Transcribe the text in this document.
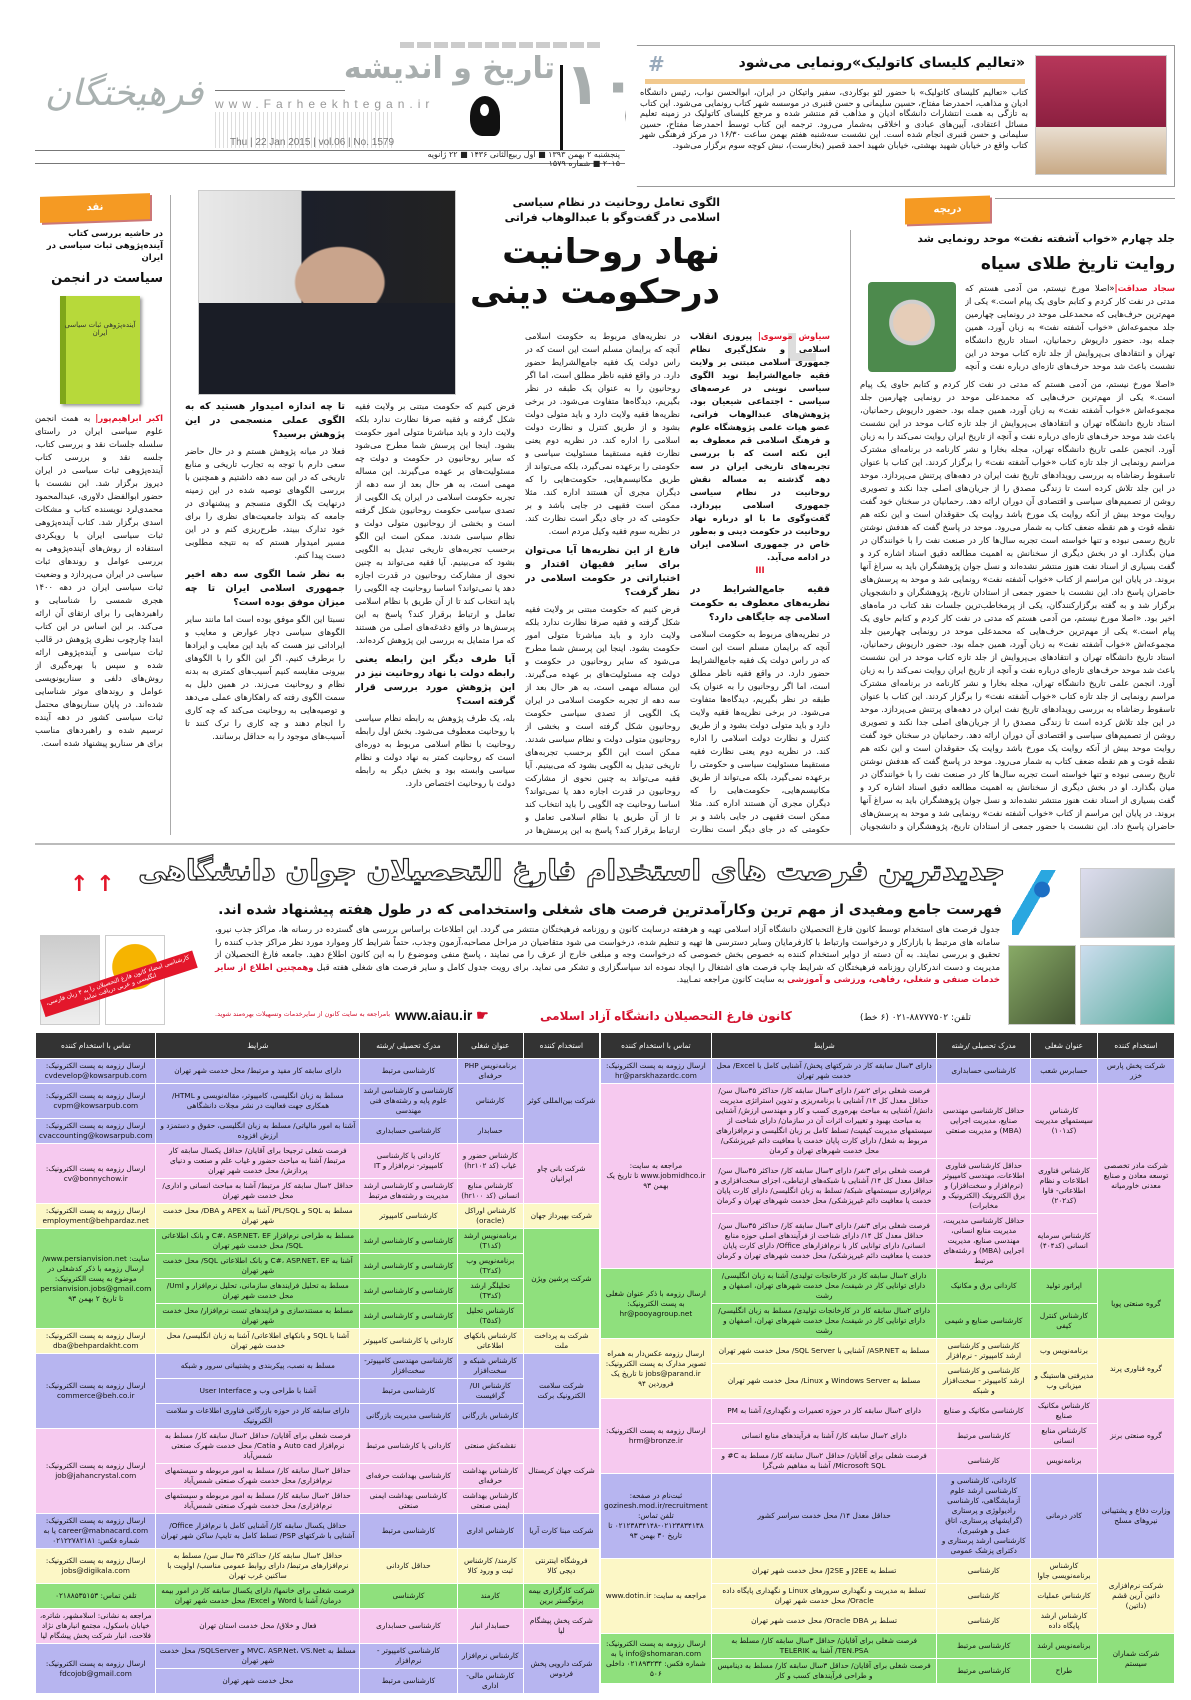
فرهیختگان www.Farheekhtegan.ir
Thu | 22 Jan 2015 | vol.06 | No. 1579
تاریخ و اندیشه ۱۰
پنجشنبه ۲ بهمن ۱۳۹۳ ■ اول ربیع‌الثانی ۱۴۳۶ ■ ۲۲ ژانویه ۲۰۱۵ ■ شماره ۱۵۷۹
#	«تعالیم کلیسای کاتولیک»رونمایی می‌شود
کتاب «تعالیم کلیسای کاتولیک» با حضور لئو بوکاردی، سفیر واتیکان در ایران، ابوالحسن نواب، رئیس دانشگاه ادیان و مذاهب، احمدرضا مفتاح، حسین سلیمانی و حسن قنبری در موسسه شهر کتاب رونمایی می‌شود. این کتاب به تازگی به همت انتشارات دانشگاه ادیان و مذاهب قم منتشر شده و مرجع کلیسای کاتولیک در زمینه تعلیم مسائل اعتقادی، آیین‌های عبادی و اخلاقی به‌شمار می‌رود. ترجمه این کتاب توسط احمدرضا مفتاح، حسین سلیمانی و حسن قنبری انجام شده است. این نشست سه‌شنبه هفتم بهمن ساعت ۱۶/۳۰ در مرکز فرهنگی شهر کتاب واقع در خیابان شهید بهشتی، خیابان شهید احمد قصیر (بخارست)، نبش کوچه سوم برگزار می‌شود.
نقد
در حاشیه بررسی کتاب آینده‌پژوهی ثبات سیاسی در ایران
سیاست در انجمن
آینده‌پژوهی ثبات سیاسی ایران
اکبر ابراهیم‌پور| به همت انجمن علوم سیاسی ایران در راستای سلسله جلسات نقد و بررسی کتاب، جلسه نقد و بررسی کتاب آینده‌پژوهی ثبات سیاسی در ایران دیروز برگزار شد. این نشست با حضور ابوالفضل دلاوری، عبدالمحمود محمدی‌لرد نویسنده کتاب و مشکات اسدی برگزار شد. کتاب آینده‌پژوهی ثبات سیاسی ایران با رویکردی استفاده از روش‌های آینده‌پژوهی به بررسی عوامل و روندهای ثبات سیاسی در ایران می‌پردازد و وضعیت ثبات سیاسی ایران در دهه ۱۴۰۰ هجری شمسی را شناسایی و راهبردهایی را برای ارتقای آن ارائه می‌کند. بر این اساس در این کتاب ابتدا چارچوب نظری پژوهش در قالب ثبات سیاسی و آینده‌پژوهی ارائه شده و سپس با بهره‌گیری از روش‌های دلفی و سناریونویسی عوامل و روندهای موثر شناسایی شده‌اند. در پایان سناریوهای محتمل ثبات سیاسی کشور در دهه آینده ترسیم شده و راهبردهای مناسب برای هر سناریو پیشنهاد شده است.
الگوی تعامل روحانیت در نظام سیاسی اسلامی در گفت‌وگو با عبدالوهاب فراتی
نهاد روحانیت
درحکومت دینی
سیاوش موسوی| پیروزی انقلاب اسلامی و شکل‌گیری نظام جمهوری اسلامی مبتنی بر ولایت فقیه جامع‌الشرایط نوید الگوی سیاسی نوینی در عرصه‌های سیاسی - اجتماعی شیعیان بود. پژوهش‌های عبدالوهاب فراتی، عضو هیات علمی پژوهشگاه علوم و فرهنگ اسلامی قم معطوف به این نکته است که با بررسی تجربه‌های تاریخی ایران در سه دهه گذشته به مساله نقش روحانیت در نظام سیاسی جمهوری اسلامی بپردازد. گفت‌وگوی ما با او درباره نهاد روحانیت در حکومت دینی و به‌طور خاص در جمهوری اسلامی ایران در ادامه می‌آید.
III
فقیه جامع‌الشرایط در نظریه‌های معطوف به حکومت اسلامی چه جایگاهی دارد؟
در نظریه‌های مربوط به حکومت اسلامی آنچه که برایمان مسلم است این است که در راس دولت یک فقیه جامع‌الشرایط حضور دارد. در واقع فقیه ناظر مطلق است، اما اگر روحانیون را به عنوان یک طبقه در نظر بگیریم، دیدگاه‌ها متفاوت می‌شود. در برخی نظریه‌ها فقیه ولایت دارد و باید متولی دولت بشود و از طریق کنترل و نظارت دولت اسلامی را اداره کند. در نظریه دوم یعنی نظارت فقیه مستقیما مسئولیت سیاسی و حکومتی را برعهده نمی‌گیرد، بلکه می‌تواند از طریق مکانیسم‌هایی، حکومت‌هایی را که دیگران مجری آن هستند اداره کند. مثلا ممکن است فقیهی در جایی باشد و بر حکومتی که در جای دیگر است نظارت
در نظریه‌های مربوط به حکومت اسلامی آنچه که برایمان مسلم است این است که در راس دولت یک فقیه جامع‌الشرایط حضور دارد. در واقع فقیه ناظر مطلق است، اما اگر روحانیون را به عنوان یک طبقه در نظر بگیریم، دیدگاه‌ها متفاوت می‌شود. در برخی نظریه‌ها فقیه ولایت دارد و باید متولی دولت بشود و از طریق کنترل و نظارت دولت اسلامی را اداره کند. در نظریه دوم یعنی نظارت فقیه مستقیما مسئولیت سیاسی و حکومتی را برعهده نمی‌گیرد، بلکه می‌تواند از طریق مکانیسم‌هایی، حکومت‌هایی را که دیگران مجری آن هستند اداره کند. مثلا ممکن است فقیهی در جایی باشد و بر حکومتی که در جای دیگر است نظارت کند. در نظریه سوم فقیه وکیل مردم است.
فارغ از این نظریه‌ها آیا می‌توان برای سایر فقیهان اقتدار و اختیاراتی در حکومت اسلامی در نظر گرفت؟
فرض کنیم که حکومت مبتنی بر ولایت فقیه شکل گرفته و فقیه صرفا نظارت ندارد بلکه ولایت دارد و باید مباشرتا متولی امور حکومت بشود. اینجا این پرسش شما مطرح می‌شود که سایر روحانیون در حکومت و دولت چه مسئولیت‌های بر عهده می‌گیرند. این مساله مهمی است، به هر حال بعد از سه دهه از تجربه حکومت اسلامی در ایران یک الگویی از تصدی سیاسی حکومت روحانیون شکل گرفته است و بخشی از روحانیون متولی دولت و نظام سیاسی شدند. ممکن است این الگو برحسب تجربه‌های تاریخی تبدیل به الگویی بشود که می‌بینیم. آیا فقیه می‌تواند به چنین نحوی از مشارکت روحانیون در قدرت اجازه دهد یا نمی‌تواند؟ اساسا روحانیت چه الگویی را باید انتخاب کند تا از آن طریق با نظام اسلامی تعامل و ارتباط برقرار کند؟ پاسخ به این پرسش‌ها در
فرض کنیم که حکومت مبتنی بر ولایت فقیه شکل گرفته و فقیه صرفا نظارت ندارد بلکه ولایت دارد و باید مباشرتا متولی امور حکومت بشود. اینجا این پرسش شما مطرح می‌شود که سایر روحانیون در حکومت و دولت چه مسئولیت‌های بر عهده می‌گیرند. این مساله مهمی است، به هر حال بعد از سه دهه از تجربه حکومت اسلامی در ایران یک الگویی از تصدی سیاسی حکومت روحانیون شکل گرفته است و بخشی از روحانیون متولی دولت و نظام سیاسی شدند. ممکن است این الگو برحسب تجربه‌های تاریخی تبدیل به الگویی بشود که می‌بینیم. آیا فقیه می‌تواند به چنین نحوی از مشارکت روحانیون در قدرت اجازه دهد یا نمی‌تواند؟ اساسا روحانیت چه الگویی را باید انتخاب کند تا از آن طریق با نظام اسلامی تعامل و ارتباط برقرار کند؟ پاسخ به این پرسش‌ها در واقع دغدغه‌های اصلی من هستند که مرا متمایل به بررسی این پژوهش کرده‌اند.
آیا طرف دیگر این رابطه یعنی رابطه دولت با نهاد روحانیت نیز در این پژوهش مورد بررسی قرار گرفته است؟
بله، یک طرف پژوهش به رابطه نظام سیاسی با روحانیت معطوف می‌شود. بخش اول رابطه روحانیت با نظام اسلامی مربوط به دوره‌ای است که روحانیت کمتر به نهاد دولت و نظام سیاسی وابسته بود و بخش دیگر به رابطه دولت با روحانیت اختصاص دارد.
تا چه اندازه امیدوار هستید که به الگوی عملی منسجمی در این پژوهش برسید؟
فعلا در میانه پژوهش هستم و در حال حاضر سعی دارم با توجه به تجارب تاریخی و منابع تاریخی که در این سه دهه داشتیم و همچنین با بررسی الگوهای توصیه شده در این زمینه درنهایت یک الگوی منسجم و پیشنهادی در جامعه که بتواند جامعیت‌های نظری را برای خود تدارک ببیند، طرح‌ریزی کنم و در این مسیر امیدوار هستم که به نتیجه مطلوبی دست پیدا کنم.
به نظر شما الگوی سه دهه اخیر جمهوری اسلامی ایران تا چه میزان موفق بوده است؟
نسبتا این الگو موفق بوده است اما مانند سایر الگوهای سیاسی دچار عوارض و معایب و ایراداتی نیز هست که باید این معایب و ایرادها را برطرف کنیم. اگر این الگو را با الگوهای بیرونی مقایسه کنیم آسیب‌های کمتری به بدنه نظام و روحانیت می‌زند. در همین دلیل به سمت الگوی رفته که راهکارهای عملی می‌دهد و توصیه‌هایی به روحانیت می‌کند که چه کاری را انجام دهند و چه کاری را ترک کنند تا آسیب‌های موجود را به حداقل برسانند.
دریچه
جلد چهارم «خواب آشفته نفت» موحد رونمایی شد
روایت تاریخ طلای سیاه
سجاد صداقت|«اصلا مورخ نیستم، من آدمی هستم که مدتی در نفت کار کردم و کتابم حاوی یک پیام است.» یکی از مهم‌ترین حرف‌هایی که محمدعلی موحد در رونمایی چهارمین جلد مجموعه‌اش «خواب آشفته نفت» به زبان آورد، همین جمله بود. حضور داریوش رحمانیان، استاد تاریخ دانشگاه تهران و انتقادهای بی‌پروایش از جلد تازه کتاب موحد در این نشست باعث شد موحد حرف‌های تازه‌ای درباره نفت و آنچه
«اصلا مورخ نیستم، من آدمی هستم که مدتی در نفت کار کردم و کتابم حاوی یک پیام است.» یکی از مهم‌ترین حرف‌هایی که محمدعلی موحد در رونمایی چهارمین جلد مجموعه‌اش «خواب آشفته نفت» به زبان آورد، همین جمله بود. حضور داریوش رحمانیان، استاد تاریخ دانشگاه تهران و انتقادهای بی‌پروایش از جلد تازه کتاب موحد در این نشست باعث شد موحد حرف‌های تازه‌ای درباره نفت و آنچه از تاریخ ایران روایت نمی‌کند را به زبان آورد. انجمن علمی تاریخ دانشگاه تهران، مجله بخارا و نشر کارنامه در برنامه‌ای مشترک مراسم رونمایی از جلد تازه کتاب «خواب آشفته نفت» را برگزار کردند. این کتاب با عنوان تاسقوط رضاشاه به بررسی رویدادهای تاریخ نفت ایران در دهه‌های پرتنش می‌پردازد. موحد در این جلد تلاش کرده است تا زندگی مصدق را از جریان‌های اصلی جدا نکند و تصویری روشن از تصمیم‌های سیاسی و اقتصادی آن دوران ارائه دهد. رحمانیان در سخنان خود گفت روایت موحد بیش از آنکه روایت یک مورخ باشد روایت یک حقوقدان است و این نکته هم نقطه قوت و هم نقطه ضعف کتاب به شمار می‌رود. موحد در پاسخ گفت که هدفش نوشتن تاریخ رسمی نبوده و تنها خواسته است تجربه سال‌ها کار در صنعت نفت را با خوانندگان در میان بگذارد. او در بخش دیگری از سخنانش به اهمیت مطالعه دقیق اسناد اشاره کرد و گفت بسیاری از اسناد نفت هنوز منتشر نشده‌اند و نسل جوان پژوهشگران باید به سراغ آنها بروند. در پایان این مراسم از کتاب «خواب آشفته نفت» رونمایی شد و موحد به پرسش‌های حاضران پاسخ داد. این نشست با حضور جمعی از استادان تاریخ، پژوهشگران و دانشجویان برگزار شد و به گفته برگزارکنندگان، یکی از پرمخاطب‌ترین جلسات نقد کتاب در ماه‌های اخیر بود. «اصلا مورخ نیستم، من آدمی هستم که مدتی در نفت کار کردم و کتابم حاوی یک پیام است.» یکی از مهم‌ترین حرف‌هایی که محمدعلی موحد در رونمایی چهارمین جلد مجموعه‌اش «خواب آشفته نفت» به زبان آورد، همین جمله بود. حضور داریوش رحمانیان، استاد تاریخ دانشگاه تهران و انتقادهای بی‌پروایش از جلد تازه کتاب موحد در این نشست باعث شد موحد حرف‌های تازه‌ای درباره نفت و آنچه از تاریخ ایران روایت نمی‌کند را به زبان آورد. انجمن علمی تاریخ دانشگاه تهران، مجله بخارا و نشر کارنامه در برنامه‌ای مشترک مراسم رونمایی از جلد تازه کتاب «خواب آشفته نفت» را برگزار کردند. این کتاب با عنوان تاسقوط رضاشاه به بررسی رویدادهای تاریخ نفت ایران در دهه‌های پرتنش می‌پردازد. موحد در این جلد تلاش کرده است تا زندگی مصدق را از جریان‌های اصلی جدا نکند و تصویری روشن از تصمیم‌های سیاسی و اقتصادی آن دوران ارائه دهد. رحمانیان در سخنان خود گفت روایت موحد بیش از آنکه روایت یک مورخ باشد روایت یک حقوقدان است و این نکته هم نقطه قوت و هم نقطه ضعف کتاب به شمار می‌رود. موحد در پاسخ گفت که هدفش نوشتن تاریخ رسمی نبوده و تنها خواسته است تجربه سال‌ها کار در صنعت نفت را با خوانندگان در میان بگذارد. او در بخش دیگری از سخنانش به اهمیت مطالعه دقیق اسناد اشاره کرد و گفت بسیاری از اسناد نفت هنوز منتشر نشده‌اند و نسل جوان پژوهشگران باید به سراغ آنها بروند. در پایان این مراسم از کتاب «خواب آشفته نفت» رونمایی شد و موحد به پرسش‌های حاضران پاسخ داد. این نشست با حضور جمعی از استادان تاریخ، پژوهشگران و دانشجویان
کارشناسی امضاء کانون فارغ التحصیلان را به ۳ زبان فارسی، انگلیسی و عربی دریافت نمایید
↑ ↑ جدیدترین فرصت های استخدام فارغ التحصیلان جوان دانشگاهی
فهرست جامع ومفیدی از مهم ترین وکارآمدترین فرصت های شغلی واستخدامی که در طول هفته پیشنهاد شده اند.
جدول فرصت های استخدام توسط کانون فارغ التحصیلان دانشگاه آزاد اسلامی تهیه و هرهفته درسایت کانون و روزنامه فرهیختگان منتشر می گردد. این اطلاعات براساس بررسی های گسترده در رسانه ها، مراکز جذب نیرو، سامانه های مرتبط با بازارکار و درخواست وارتباط با کارفرمایان وسایر دسترسی ها تهیه و تنظیم شده، درخواست می شود متقاضیان در مراحل مصاحبه،آزمون وجذب، حتماً شرایط کار وموارد مورد نظر مراکز جذب کننده را تحقیق و بررسی نمایند. به آن دسته از دوایر استخدام کننده به خصوص بخش خصوصی که درخواست وجه و مبلغی خارج از عرف را می نمایند ، پاسخ منفی وموضوع را به این کانون اطلاع دهید. جامعه فارغ التحصیلان از مدیریت و دست اندرکاران روزنامه فرهیختگان که شرایط چاپ فرصت های اشتغال را ایجاد نموده اند سپاسگزاری و تشکر می نماید. برای رویت جدول کامل و سایر فرصت های شغلی هفته قبل وهمچنین اطلاع از سایر خدمات صنفی و شغلی، رفاهی، ورزشی و آموزشی به سایت کانون مراجعه نمـایید.
تلفن: ۸۸۷۷۷۵۰۲-۰۲۱ (۶ خط)
کانون فارغ التحصیلان دانشگاه آزاد اسلامی
www.aiau.ir ☛
بامراجعه به سایت کانون از سایرخدمات وتسهیلات بهره‌مند شوید.
استخدام کننده	عنوان شغلی	مدرک تحصیلی /رشته	شرایط	تماس با استخدام کننده
شرکت پخش پارس خزر	حسابرس شعب	کارشناسی حسابداری	دارای ۳سال سابقه کار در شرکتهای پخش/ آشنایی کامل با Excel/ محل خدمت شهر تهران	ارسال رزومه به پست الکترونیک: hr@parskhazardc.com
شرکت مادر تخصصی توسعه معادن و صنایع معدنی خاورمیانه	کارشناس سیستمهای مدیریت (کد۱۰۱)	حداقل کارشناسی مهندسی صنایع، مدیریت اجرایی (MBA) و مدیریت صنعتی	فرصت شغلی برای ۲نفر/ دارای ۳سال سابقه کار/ حداکثر ۳۵سال سن/ حداقل معدل کل ۱۴/ آشنایی با برنامه‌ریزی و تدوین استراتژی مدیریت دانش/ آشنایی به مباحث بهره‌وری کسب و کار و مهندسی ارزش/ آشنایی به مباحث بهبود و تغییرات اثرات آن در سازمان/ دارای شناخت از سیستمهای مدیریت کیفیت/ تسلط کامل بر زبان انگلیسی و نرم‌افزارهای مربوط به شغل/ دارای کارت پایان خدمت یا معافیت دائم غیرپزشکی/ محل خدمت شهرهای تهران و کرمان	مراجعه به سایت: www.jobmidhco.ir تا تاریخ یک بهمن ۹۳
	کارشناس فناوری اطلاعات و نظام اطلاعاتی- فاوا (کد۲۰۲)	حداقل کارشناسی فناوری اطلاعات، مهندسی کامپیوتر (نرم‌افزار و سخت‌افزار) و برق الکترونیک (الکترونیک و مخابرات)	فرصت شغلی برای ۳نفر/ دارای ۳سال سابقه کار/ حداکثر ۳۵سال سن/ حداقل معدل کل ۱۴/ آشنایی با شبکه‌های ارتباطی، اجزای سخت‌افزاری و نرم‌افزاری سیستمهای شبکه/ تسلط به زبان انگلیسی/ دارای کارت پایان خدمت یا معافیت دائم غیرپزشکی/ محل خدمت شهرهای تهران و کرمان	
	کارشناس سرمایه انسانی (کد۴۰۴)	حداقل کارشناسی مدیریت، مدیریت منابع انسانی، مهندسی صنایع، مدیریت اجرایی (MBA) و رشته‌های مرتبط	فرصت شغلی برای ۳نفر/ دارای ۳سال سابقه کار/ حداکثر ۳۵سال سن/ حداقل معدل کل ۱۴/ دارای شناخت از فرآیندهای اصلی حوزه منابع انسانی/ دارای توانایی کار با نرم‌افزارهای Office/ دارای کارت پایان خدمت یا معافیت دائم غیرپزشکی/ محل خدمت شهرهای تهران و کرمان	
گروه صنعتی پویا	اپراتور تولید	کاردانی برق و مکانیک	دارای ۲سال سابقه کار در کارخانجات تولیدی/ آشنا به زبان انگلیسی/ دارای توانایی کار در شیفت/ محل خدمت شهرهای تهران، اصفهان و رشت	ارسال رزومه با ذکر عنوان شغلی به پست الکترونیک: hr@pooyagroup.net
	کارشناس کنترل کیفی	کارشناسی صنایع و شیمی	دارای ۲سال سابقه کار در کارخانجات تولیدی/ مسلط به زبان انگلیسی/ دارای توانایی کار در شیفت/ محل خدمت شهرهای تهران، اصفهان و رشت	
گروه فناوری پرند	برنامه‌نویس وب	کارشناسی و کارشناسی ارشد کامپیوتر - نرم‌افزار	مسلط به ASP.NET/ آشنایی با SQL Server/ محل خدمت شهر تهران	ارسال رزومه عکس‌دار به همراه تصویر مدارک به پست الکترونیک: jobs@parand.ir تا تاریخ یک فروردین ۹۴
	مدیرفنی هاستینگ و میزبانی وب	کارشناسی و کارشناسی ارشد کامپیوتر - سخت‌افزار و شبکه	مسلط به Windows Server و Linux/ محل خدمت شهر تهران	
گروه صنعتی برنز	کارشناس مکانیک صنایع	کارشناسی مکانیک و صنایع	دارای ۲سال سابقه کار در حوزه تعمیرات و نگهداری/ آشنا به PM	ارسال رزومه به پست الکترونیک: hrm@bronze.ir
	کارشناس منابع انسانی	کارشناسی مرتبط	دارای ۲سال سابقه کار/ آشنا به فرآیندهای منابع انسانی	
	برنامه‌نویس	کارشناسی	فرصت شغلی برای آقایان/ حداقل ۲سال سابقه کار/ مسلط به C# و Microsoft SQL/ آشنا به مفاهیم شی‌گرا	
وزارت دفاع و پشتیبانی نیروهای مسلح	کادر درمانی	کاردانی، کارشناسی و کارشناسی ارشد علوم آزمایشگاهی، کارشناسی رادیولوژی و پرستاری (گرایشهای پرستاری، اتاق عمل و هوشبری)، کارشناسی ارشد پرستاری و دکترای پزشک عمومی	حداقل معدل ۱۴/ محل خدمت سراسر کشور	ثبت‌نام در صفحه: gozinesh.mod.ir/recruitment تلفن تماس: ۰۲۱۲۳۸۳۴۱۳۸-۰۲۱۲۳۸۳۴۱۴۸ تا تاریخ ۳۰ بهمن ۹۳
شرکت نرم‌افزاری داتین آرین قشم (داتین)	کارشناس برنامه‌نویسی جاوا	کارشناسی	تسلط به J2EE و J2SE/ محل خدمت شهر تهران	مراجعه به سایت: www.dotin.ir
	کارشناس عملیات	کارشناسی	تسلط به مدیریت و نگهداری سرورهای Linux و نگهداری پایگاه داده Oracle/ محل خدمت شهر تهران	
	کارشناس ارشد پایگاه داده	کارشناسی	تسلط بر Oracle DBA/ محل خدمت شهر تهران	
شرکت شماران سیستم	برنامه‌نویس ارشد	کارشناسی مرتبط	فرصت شغلی برای آقایان/ حداقل ۳سال سابقه کار/ مسلط به TEN.PSA/ آشنا به TELERIK	ارسال رزومه به پست الکترونیک: info@shomaran.com یا به شماره فکس: ۰۲۱۸۹۳۲۳۴ داخلی ۵۰۶
	طراح	کارشناسی مرتبط	فرصت شغلی برای آقایان/ حداقل ۳سال سابقه کار/ مسلط به دینامیس و طراحی فرآیندهای کسب و کار	
استخدام کننده	عنوان شغلی	مدرک تحصیلی /رشته	شرایط	تماس با استخدام کننده
شرکت بین‌المللی کوثر	برنامه‌نویس PHP حرفه‌ای	کارشناسی مرتبط	دارای سابقه کار مفید و مرتبط/ محل خدمت شهر تهران	ارسال رزومه به پست الکترونیک: cvdevelop@kowsarpub.com
	کارشناس	کارشناسی و کارشناسی ارشد علوم پایه و رشته‌های فنی مهندسی	مسلط به زبان انگلیسی، کامپیوتر، مقاله‌نویسی و HTML/ همکاری جهت فعالیت در نشر مجلات دانشگاهی	ارسال رزومه به پست الکترونیک: cvpm@kowsarpub.com
	حسابدار	کارشناسی حسابداری	آشنا به امور مالیاتی/ مسلط به زبان انگلیسی، حقوق و دستمزد و ارزش افزوده	ارسال رزومه به پست الکترونیک: cvaccounting@kowsarpub.com
شرکت بانی چاو ایرانیان	کارشناس حضور و غیاب (کد hr۱۰۲)	کاردانی یا کارشناسی کامپیوتر- نرم‌افزار و IT	فرصت شغلی ترجیحا برای آقایان/ حداقل یکسال سابقه کار مرتبط/ آشنا به مباحث حضور و غیاب علم و صنعت و دنیای پردازش/ محل خدمت شهر تهران	ارسال رزومه به پست الکترونیک: cv@bonnychow.ir
	کارشناس منابع انسانی (کد hr۱۰۰)	کارشناسی و کارشناسی ارشد مدیریت و رشته‌های مرتبط	حداقل ۲سال سابقه کار مرتبط/ آشنا به مباحث انسانی و اداری/ محل خدمت شهر تهران	
شرکت بهپرداز جهان	کارشناس اوراکل (oracle)	کارشناسی کامپیوتر	مسلط به SQL و PL/SQL/ آشنا به APEX و DBA/ محل خدمت شهر تهران	ارسال رزومه به پست الکترونیک: employment@behpardaz.net
شرکت پرشین ویژن	برنامه‌نویس ارشد (کدT۱)	کارشناسی و کارشناسی ارشد	مسلط به طراحی نرم‌افزار C#، ASP.NET، EF و بانک اطلاعاتی SQL/ محل خدمت شهر تهران	سایت: www.persianvision.net/ ارسال رزومه با ذکر کدشغلی در موضوع به پست الکترونیک: persianvision.jobs@gmail.com تا تاریخ ۲ بهمن ۹۳
	برنامه‌نویس وب (کدT۲)	کارشناسی و کارشناسی ارشد	آشنا به C#، ASP.NET، EF و بانک اطلاعاتی SQL/ محل خدمت شهر تهران	
	تحلیلگر ارشد (کدT۳)	کارشناسی و کارشناسی ارشد	مسلط به تحلیل فرایندهای سازمانی، تحلیل نرم‌افزار و Uml/ محل خدمت شهر تهران	
	کارشناس تحلیل (کدT۵)	کارشناسی و کارشناسی ارشد	مسلط به مستندسازی و فرایندهای تست نرم‌افزار/ محل خدمت شهر تهران	
شرکت به پرداخت ملت	کارشناس بانکهای اطلاعاتی	کاردانی یا کارشناسی کامپیوتر	آشنا با SQL و بانکهای اطلاعاتی/ آشنا به زبان انگلیسی/ محل خدمت شهر تهران	ارسال رزومه به پست الکترونیک: dba@behpardakht.com
شرکت سلامت الکترونیک برکت	کارشناس شبکه و سخت‌افزار	کارشناسی مهندسی کامپیوتر- سخت‌افزار	مسلط به نصب، پیکربندی و پشتیبانی سرور و شبکه	ارسال رزومه به پست الکترونیک: commerce@beh.co.ir
	کارشناس UI/ گرافیست	کارشناسی مرتبط	آشنا با طراحی وب و User Interface	
	کارشناس بازرگانی	کارشناسی مدیریت بازرگانی	دارای سابقه کار در حوزه بازرگانی فناوری اطلاعات و سلامت الکترونیک	
شرکت جهان کریستال	نقشه‌کش صنعتی	کاردانی یا کارشناسی مرتبط	فرصت شغلی برای آقایان/ حداقل ۲سال سابقه کار/ مسلط به نرم‌افزار Auto cad و Catia/ محل خدمت شهرک صنعتی شمس‌آباد	ارسال رزومه به پست الکترونیک: job@jahancrystal.com
	کارشناس بهداشت حرفه‌ای	کارشناسی بهداشت حرفه‌ای	حداقل ۲سال سابقه کار/ مسلط به امور مربوطه و سیستمهای نرم‌افزاری/ محل خدمت شهرک صنعتی شمس‌آباد	
	کارشناس بهداشت ایمنی صنعتی	کارشناسی بهداشت ایمنی صنعتی	حداقل ۲سال سابقه کار/ مسلط به امور مربوطه و سیستمهای نرم‌افزاری/ محل خدمت شهرک صنعتی شمس‌آباد	
شرکت مبنا کارت آریا	کارشناس اداری	کارشناسی مرتبط	حداقل یکسال سابقه کار/ آشنایی کامل با نرم‌افزار Office/ آشنایی با شرکتهای PSP/ تسلط کامل به تایپ/ ساکن شهر تهران	ارسال رزومه به پست الکترونیک: career@mabnacard.com یا به شماره فکس: ۰۲۱۲۲۷۸۲۱۸۱
فروشگاه اینترنتی دیجی کالا	کارمند/ کارشناس ثبت و ورود کالا	حداقل کاردانی	حداقل ۲سال سابقه کار/ حداکثر ۳۵ سال سن/ مسلط به نرم‌افزارهای مرتبط/ دارای روابط عمومی مناسب/ اولویت با ساکنین غرب تهران	ارسال رزومه به پست الکترونیک: jobs@digikala.com
شرکت کارگزاری بیمه پرتوگستر برین	کارمند	کارشناسی	فرصت شغلی برای خانمها/ دارای یکسال سابقه کار در امور بیمه درمان/ آشنا با Word و Excel/ محل خدمت شهر تهران	تلفن تماس: ۰۲۱۸۸۵۳۵۱۵۳
شرکت پخش پیشگام لیا	حسابدار انبار	کارشناسی حسابداری	فعال و خلاق/ محل خدمت استان تهران	مراجعه به نشانی: اسلامشهر، شاتره، خیابان باسکول، مجتمع انبارهای نژاد فلاحت، انبار شرکت پخش پیشگام لیا
شرکت دارویی پخش فردوس	کارشناس نرم‌افزار	کارشناسی کامپیوتر - نرم‌افزار	مسلط به MVC، ASP.Net، VS.Net و SQLServer/ محل خدمت شهر تهران	ارسال رزومه به پست الکترونیک: fdcojob@gmail.com
	کارشناس مالی- اداری	کارشناسی مرتبط	محل خدمت شهر تهران	
